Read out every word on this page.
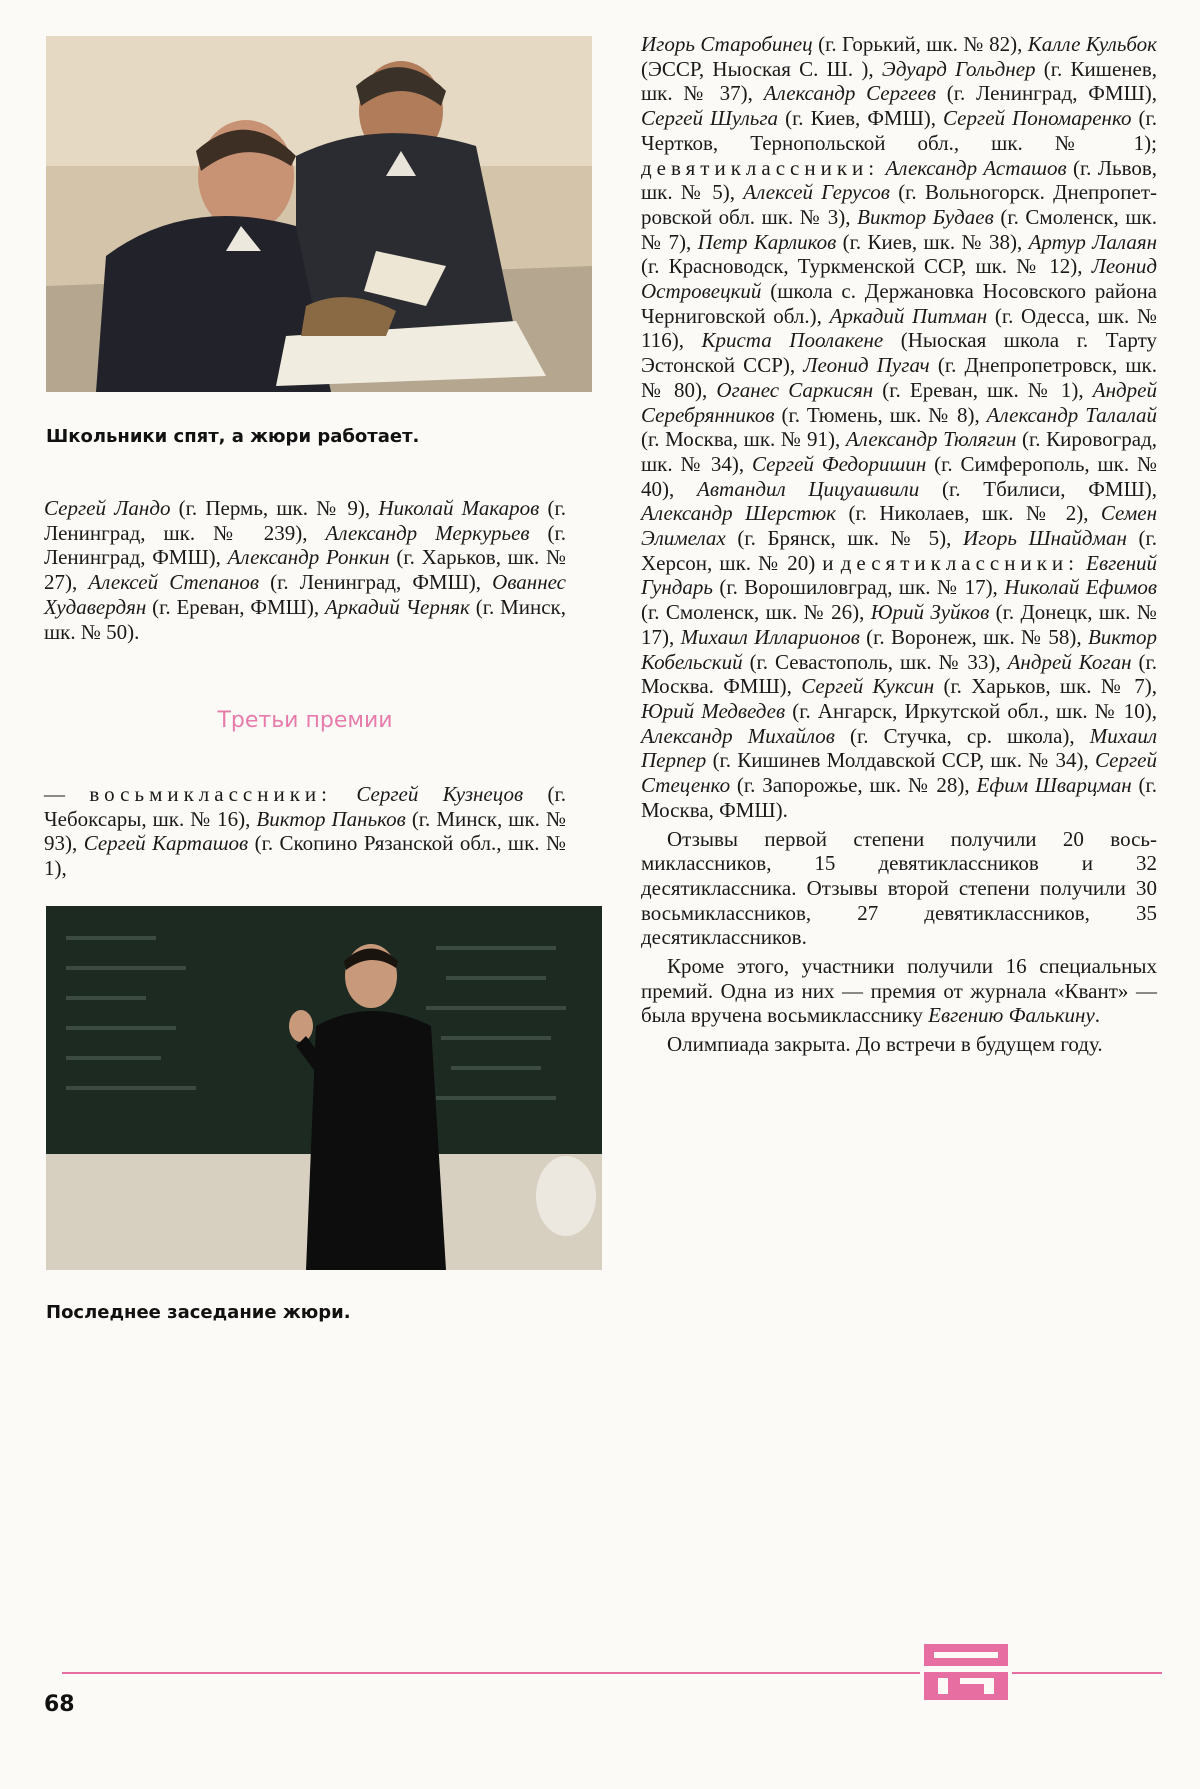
Школьники спят, а жюри работает.

Сергей Ландо (г. Пермь, шк. № 9), Николай Макаров (г. Ленинград, шк. № 239), Александр Меркурьев (г. Ленинград, ФМШ), Александр Ронкин (г. Харьков, шк. № 27), Алексей Степанов (г. Ленинград, ФМШ), Ованнес Худавердян (г. Ереван, ФМШ), Аркадий Черняк (г. Минск, шк. № 50).

Третьи премии

— восьмиклассники: Сергей Кузнецов (г. Чебоксары, шк. № 16), Виктор Паньков (г. Минск, шк. № 93), Сергей Карташов (г. Скопино Рязанской обл., шк. № 1),

Последнее заседание жюри.

Игорь Старобинец (г. Горький, шк. № 82), Калле Кульбок (ЭССР, Ныоская С. Ш. ), Эдуард Гольднер (г. Кишенев, шк. № 37), Александр Сергеев (г. Ленинград, ФМШ), Сергей Шульга (г. Киев, ФМШ), Сергей Пономаренко (г. Чертков, Тернопольской обл., шк. № 1); девятиклассники: Александр Асташов (г. Львов, шк. № 5), Алексей Герусов (г. Вольногорск. Днепропетровской обл. шк. № 3), Виктор Будаев (г. Смоленск, шк. № 7), Петр Карликов (г. Киев, шк. № 38), Артур Лалаян (г. Красноводск, Туркменской ССР, шк. № 12), Леонид Островецкий (школа с. Держановка Носовского района Черниговской обл.), Аркадий Питман (г. Одесса, шк. № 116), Криста Поолакене (Ныоская школа г. Тарту Эстонской ССР), Леонид Пугач (г. Днепропетровск, шк. № 80), Оганес Саркисян (г. Ереван, шк. № 1), Андрей Серебрянников (г. Тюмень, шк. № 8), Александр Талалай (г. Москва, шк. № 91), Александр Тюлягин (г. Кировоград, шк. № 34), Сергей Федоришин (г. Симферополь, шк. № 40), Автандил Цицуашвили (г. Тбилиси, ФМШ), Александр Шерстюк (г. Николаев, шк. № 2), Семен Элимелах (г. Брянск, шк. № 5), Игорь Шнайдман (г. Херсон, шк. № 20) и десятиклассники: Евгений Гундарь (г. Ворошиловград, шк. № 17), Николай Ефимов (г. Смоленск, шк. № 26), Юрий Зуйков (г. Донецк, шк. № 17), Михаил Илларионов (г. Воронеж, шк. № 58), Виктор Кобельский (г. Севастополь, шк. № 33), Андрей Коган (г. Москва. ФМШ), Сергей Куксин (г. Харьков, шк. № 7), Юрий Медведев (г. Ангарск, Иркутской обл., шк. № 10), Александр Михайлов (г. Стучка, ср. школа), Михаил Перпер (г. Кишинев Молдавской ССР, шк. № 34), Сергей Стеценко (г. Запорожье, шк. № 28), Ефим Шварцман (г. Москва, ФМШ).

Отзывы первой степени получили 20 восьмиклассников, 15 девятиклассников и 32 десятиклассника. Отзывы второй степени получили 30 восьмиклассников, 27 девятиклассников, 35 десятиклассников.

Кроме этого, участники получили 16 специальных премий. Одна из них — премия от журнала «Квант» — была вручена восьмикласснику Евгению Фалькину.

Олимпиада закрыта. До встречи в будущем году.

68
